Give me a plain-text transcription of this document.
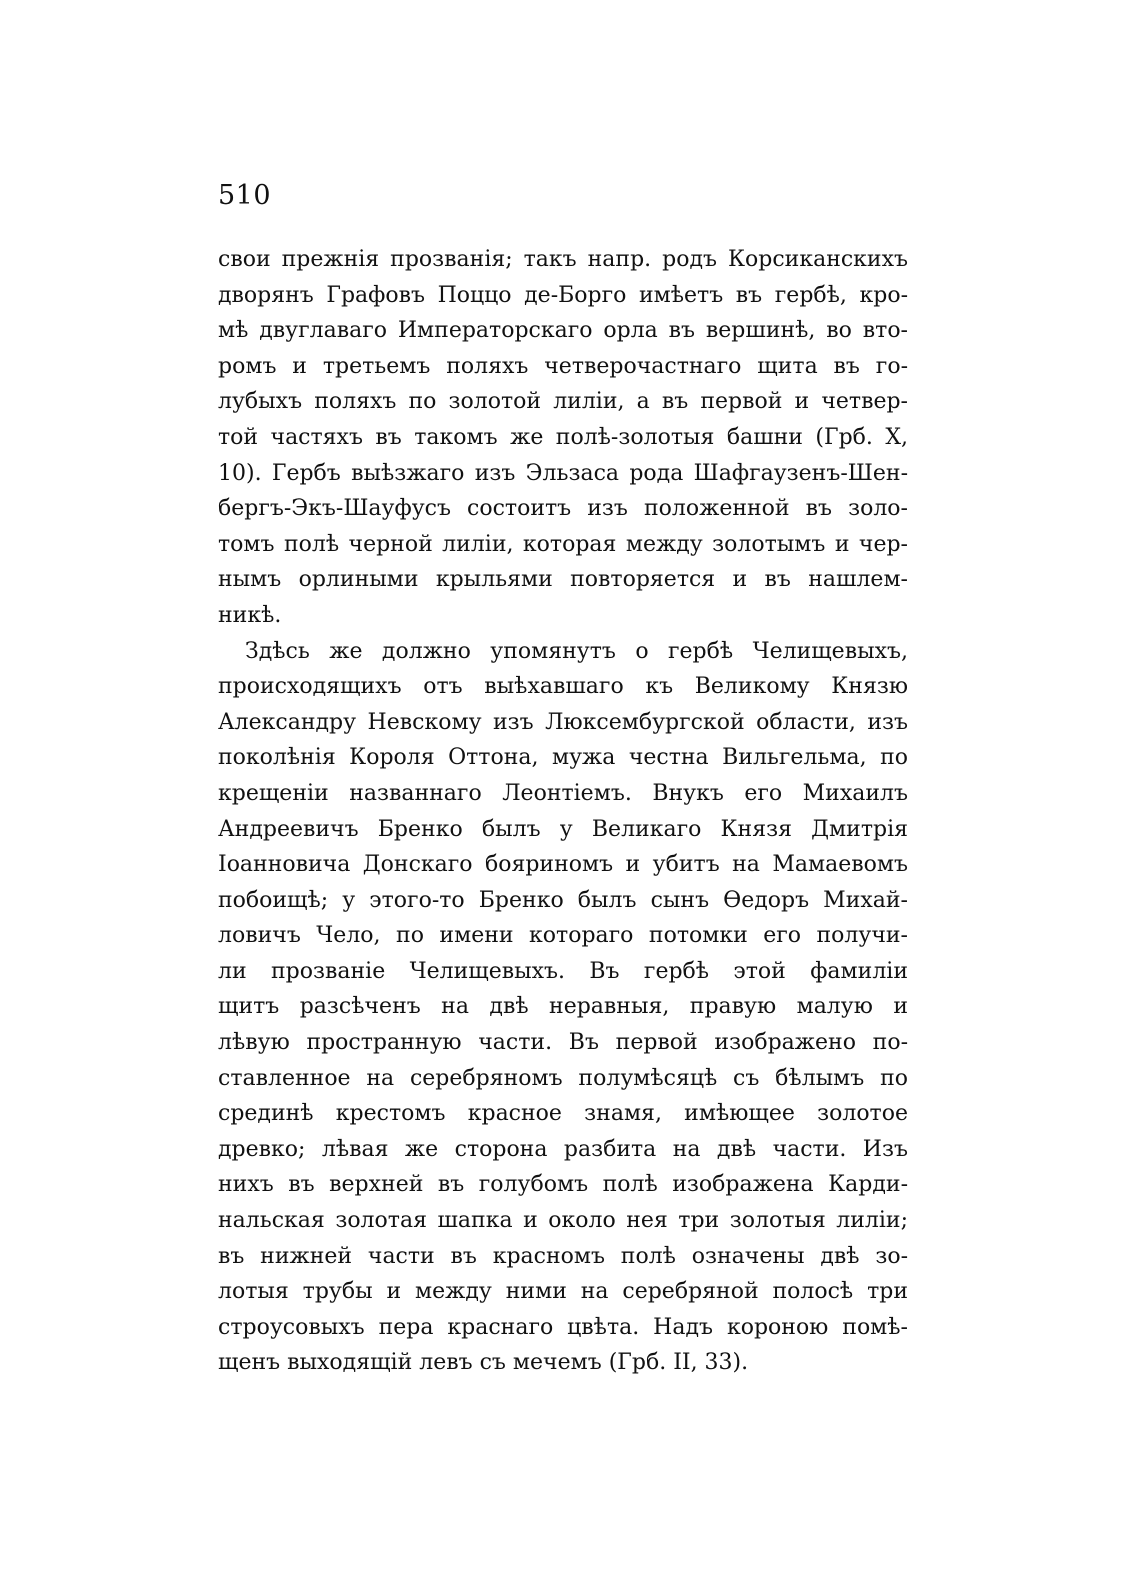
510
свои прежнія прозванія; такъ напр. родъ Корсиканскихъ
дворянъ Графовъ Поццо де-Борго имѣетъ въ гербѣ, кро-
мѣ двуглаваго Императорскаго орла въ вершинѣ, во вто-
ромъ и третьемъ поляхъ четверочастнаго щита въ го-
лубыхъ поляхъ по золотой лиліи, а въ первой и четвер-
той частяхъ въ такомъ же полѣ-золотыя башни (Грб. X,
10). Гербъ выѣзжаго изъ Эльзаса рода Шафгаузенъ-Шен-
бергъ-Экъ-Шауфусъ состоитъ изъ положенной въ золо-
томъ полѣ черной лиліи, которая между золотымъ и чер-
нымъ орлиными крыльями повторяется и въ нашлем-
никѣ.
Здѣсь же должно упомянутъ о гербѣ Челищевыхъ,
происходящихъ отъ выѣхавшаго къ Великому Князю
Александру Невскому изъ Люксембургской области, изъ
поколѣнія Короля Оттона, мужа честна Вильгельма, по
крещеніи названнаго Леонтіемъ. Внукъ его Михаилъ
Андреевичъ Бренко былъ у Великаго Князя Дмитрія
Іоанновича Донскаго бояриномъ и убитъ на Мамаевомъ
побоищѣ; у этого-то Бренко былъ сынъ Ѳедоръ Михай-
ловичъ Чело, по имени котораго потомки его получи-
ли прозваніе Челищевыхъ. Въ гербѣ этой фамиліи
щитъ разсѣченъ на двѣ неравныя, правую малую и
лѣвую пространную части. Въ первой изображено по-
ставленное на серебряномъ полумѣсяцѣ съ бѣлымъ по
срединѣ крестомъ красное знамя, имѣющее золотое
древко; лѣвая же сторона разбита на двѣ части. Изъ
нихъ въ верхней въ голубомъ полѣ изображена Карди-
нальская золотая шапка и около нея три золотыя лиліи;
въ нижней части въ красномъ полѣ означены двѣ зо-
лотыя трубы и между ними на серебряной полосѣ три
строусовыхъ пера краснаго цвѣта. Надъ короною помѣ-
щенъ выходящій левъ съ мечемъ (Грб. II, 33).
